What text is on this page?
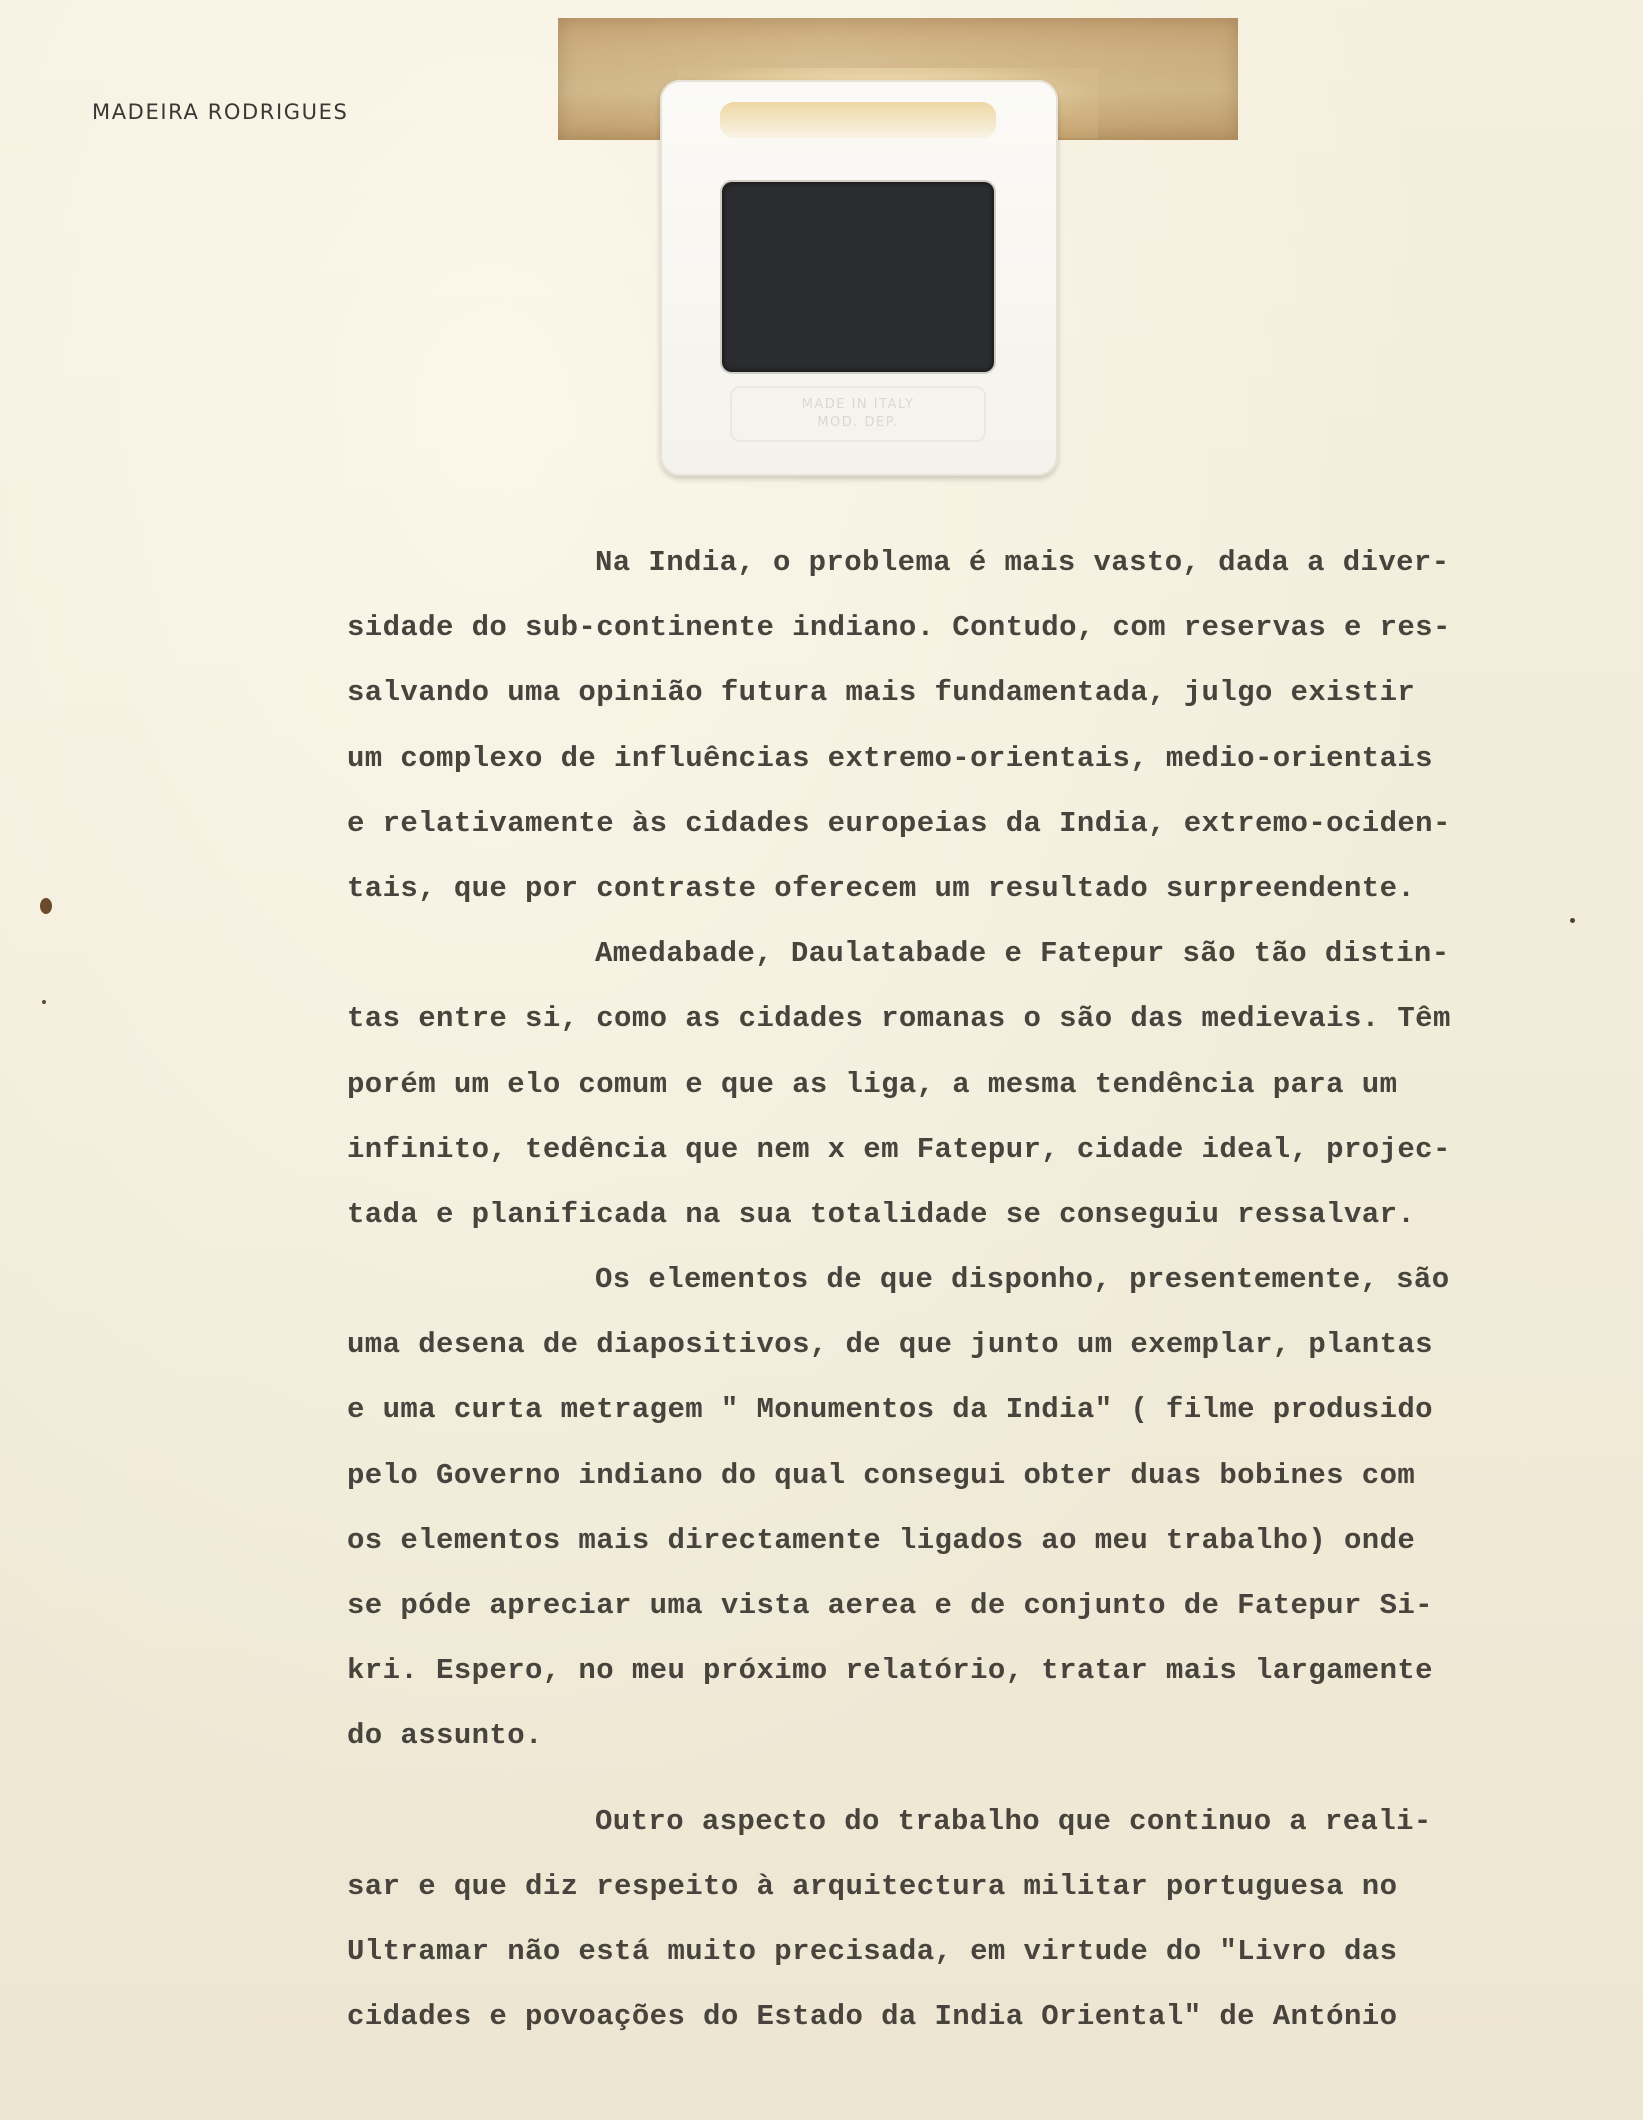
MADEIRA RODRIGUES
MADE IN ITALY
MOD. DEP.
Na India, o problema é mais vasto, dada a diver-
sidade do sub-continente indiano. Contudo, com reservas e res-
salvando uma opinião futura mais fundamentada, julgo existir
um complexo de influências extremo-orientais, medio-orientais
e relativamente às cidades europeias da India, extremo-ociden-
tais, que por contraste oferecem um resultado surpreendente.
Amedabade, Daulatabade e Fatepur são tão distin-
tas entre si, como as cidades romanas o são das medievais. Têm
porém um elo comum e que as liga, a mesma tendência para um
infinito, tedência que nem x em Fatepur, cidade ideal, projec-
tada e planificada na sua totalidade se conseguiu ressalvar.
Os elementos de que disponho, presentemente, são
uma desena de diapositivos, de que junto um exemplar, plantas
e uma curta metragem " Monumentos da India" ( filme produsido
pelo Governo indiano do qual consegui obter duas bobines com
os elementos mais directamente ligados ao meu trabalho) onde
se póde apreciar uma vista aerea e de conjunto de Fatepur Si-
kri. Espero, no meu próximo relatório, tratar mais largamente
do assunto.
Outro aspecto do trabalho que continuo a reali-
sar e que diz respeito à arquitectura militar portuguesa no
Ultramar não está muito precisada, em virtude do "Livro das
cidades e povoações do Estado da India Oriental" de António
